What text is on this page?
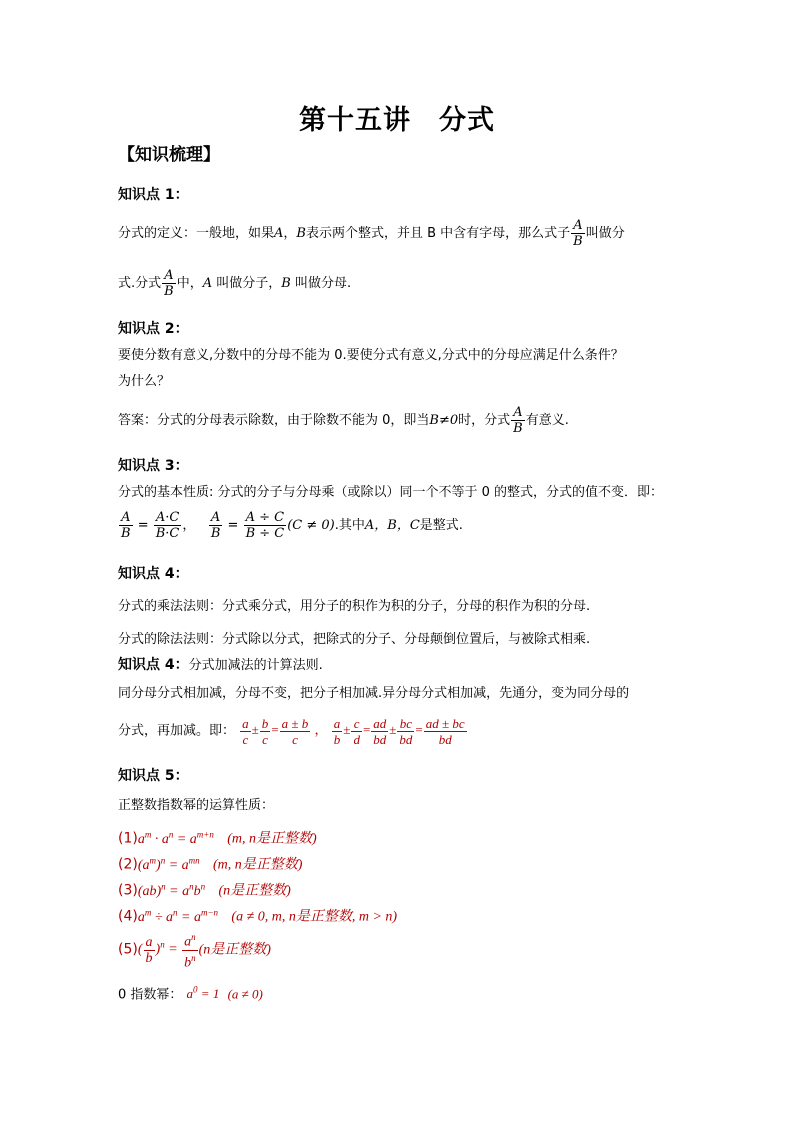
第十五讲　分式
【知识梳理】
知识点 1：
分式的定义：一般地，如果A，B表示两个整式，并且 B 中含有字母，那么式子 $\frac{A}{B}$ 叫做分
式.分式 $\frac{A}{B}$ 中，A 叫做分子，B 叫做分母.
知识点 2：
要使分数有意义,分数中的分母不能为 0.要使分式有意义,分式中的分母应满足什么条件？
为什么？
答案：分式的分母表示除数，由于除数不能为 0，即当B≠0时，分式 $\frac{A}{B}$ 有意义.
知识点 3：
分式的基本性质: 分式的分子与分母乘（或除以）同一个不等于 0 的整式，分式的值不变．即：
$\frac{A}{B} = \frac{A\cdot C}{B\cdot C}$ ， $\frac{A}{B} = \frac{A \div C}{B \div C} (C \ne 0)$.其中A，B，C是整式.
知识点 4：
分式的乘法法则：分式乘分式，用分子的积作为积的分子，分母的积作为积的分母.
分式的除法法则：分式除以分式，把除式的分子、分母颠倒位置后，与被除式相乘.
知识点 4：分式加减法的计算法则.
同分母分式相加减，分母不变，把分子相加减.异分母分式相加减，先通分，变为同分母的
分式，再加减。即： $\frac{a}{c} \pm \frac{b}{c} = \frac{a \pm b}{c}$ ， $\frac{a}{b} \pm \frac{c}{d} = \frac{ad}{bd} \pm \frac{bc}{bd} = \frac{ad \pm bc}{bd}$
知识点 5：
正整数指数幂的运算性质：
$(1)a^m \cdot a^n = a^{m+n}$ (m, n是正整数)
$(2)(a^m)^n = a^{mn}$ (m, n是正整数)
$(3)(ab)^n = a^nb^n$ (n是正整数)
$(4)a^m \div a^n = a^{m-n}$ (a ≠ 0, m, n是正整数, m > n)
$(5)( \frac{a}{b} )^n = \frac{a^n}{b^n} (n$是正整数)
0 指数幂： $a^0 = 1$ (a ≠ 0)
